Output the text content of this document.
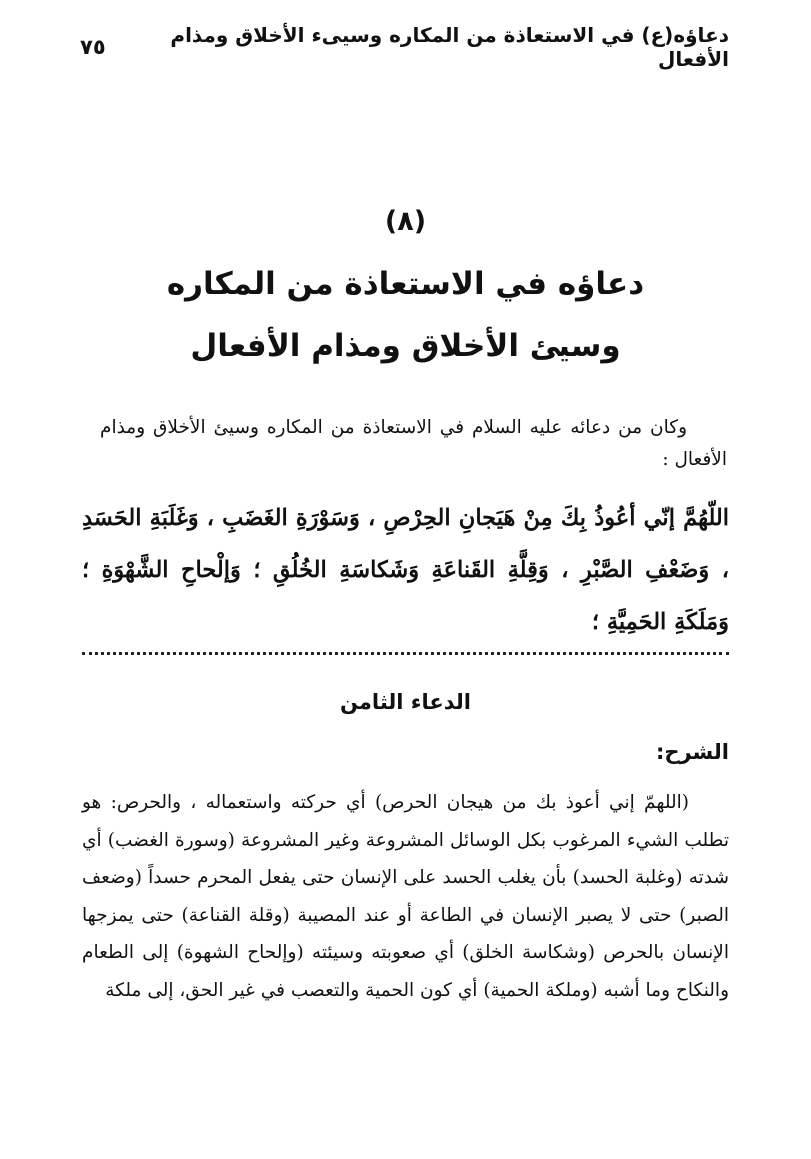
دعاؤه(ع) في الاستعاذة من المكاره وسيىء الأخلاق ومذام الأفعال
٧٥
(٨)
دعاؤه في الاستعاذة من المكاره
وسيئ الأخلاق ومذام الأفعال

وكان من دعائه عليه السلام في الاستعاذة من المكاره وسيئ الأخلاق ومذام الأفعال :

اللّهُمَّ إنّي أعُوذُ بِكَ مِنْ هَيَجانِ الحِرْصِ ، وَسَوْرَةِ الغَضَبِ ، وَغَلَبَةِ الحَسَدِ ، وَضَعْفِ الصَّبْرِ ، وَقِلَّةِ القَناعَةِ وَشَكاسَةِ الخُلُقِ ؛ وَإلْحاحِ الشَّهْوَةِ ؛ وَمَلَكَةِ الحَمِيَّةِ ؛

الدعاء الثامن
الشرح:

(اللهمّ إني أعوذ بك من هيجان الحرص) أي حركته واستعماله ، والحرص: هو تطلب الشيء المرغوب بكل الوسائل المشروعة وغير المشروعة (وسورة الغضب) أي شدته (وغلبة الحسد) بأن يغلب الحسد على الإنسان حتى يفعل المحرم حسداً (وضعف الصبر) حتى لا يصبر الإنسان في الطاعة أو عند المصيبة (وقلة القناعة) حتى يمزجها الإنسان بالحرص (وشكاسة الخلق) أي صعوبته وسيئته (وإلحاح الشهوة) إلى الطعام والنكاح وما أشبه (وملكة الحمية) أي كون الحمية والتعصب في غير الحق، إلى ملكة
